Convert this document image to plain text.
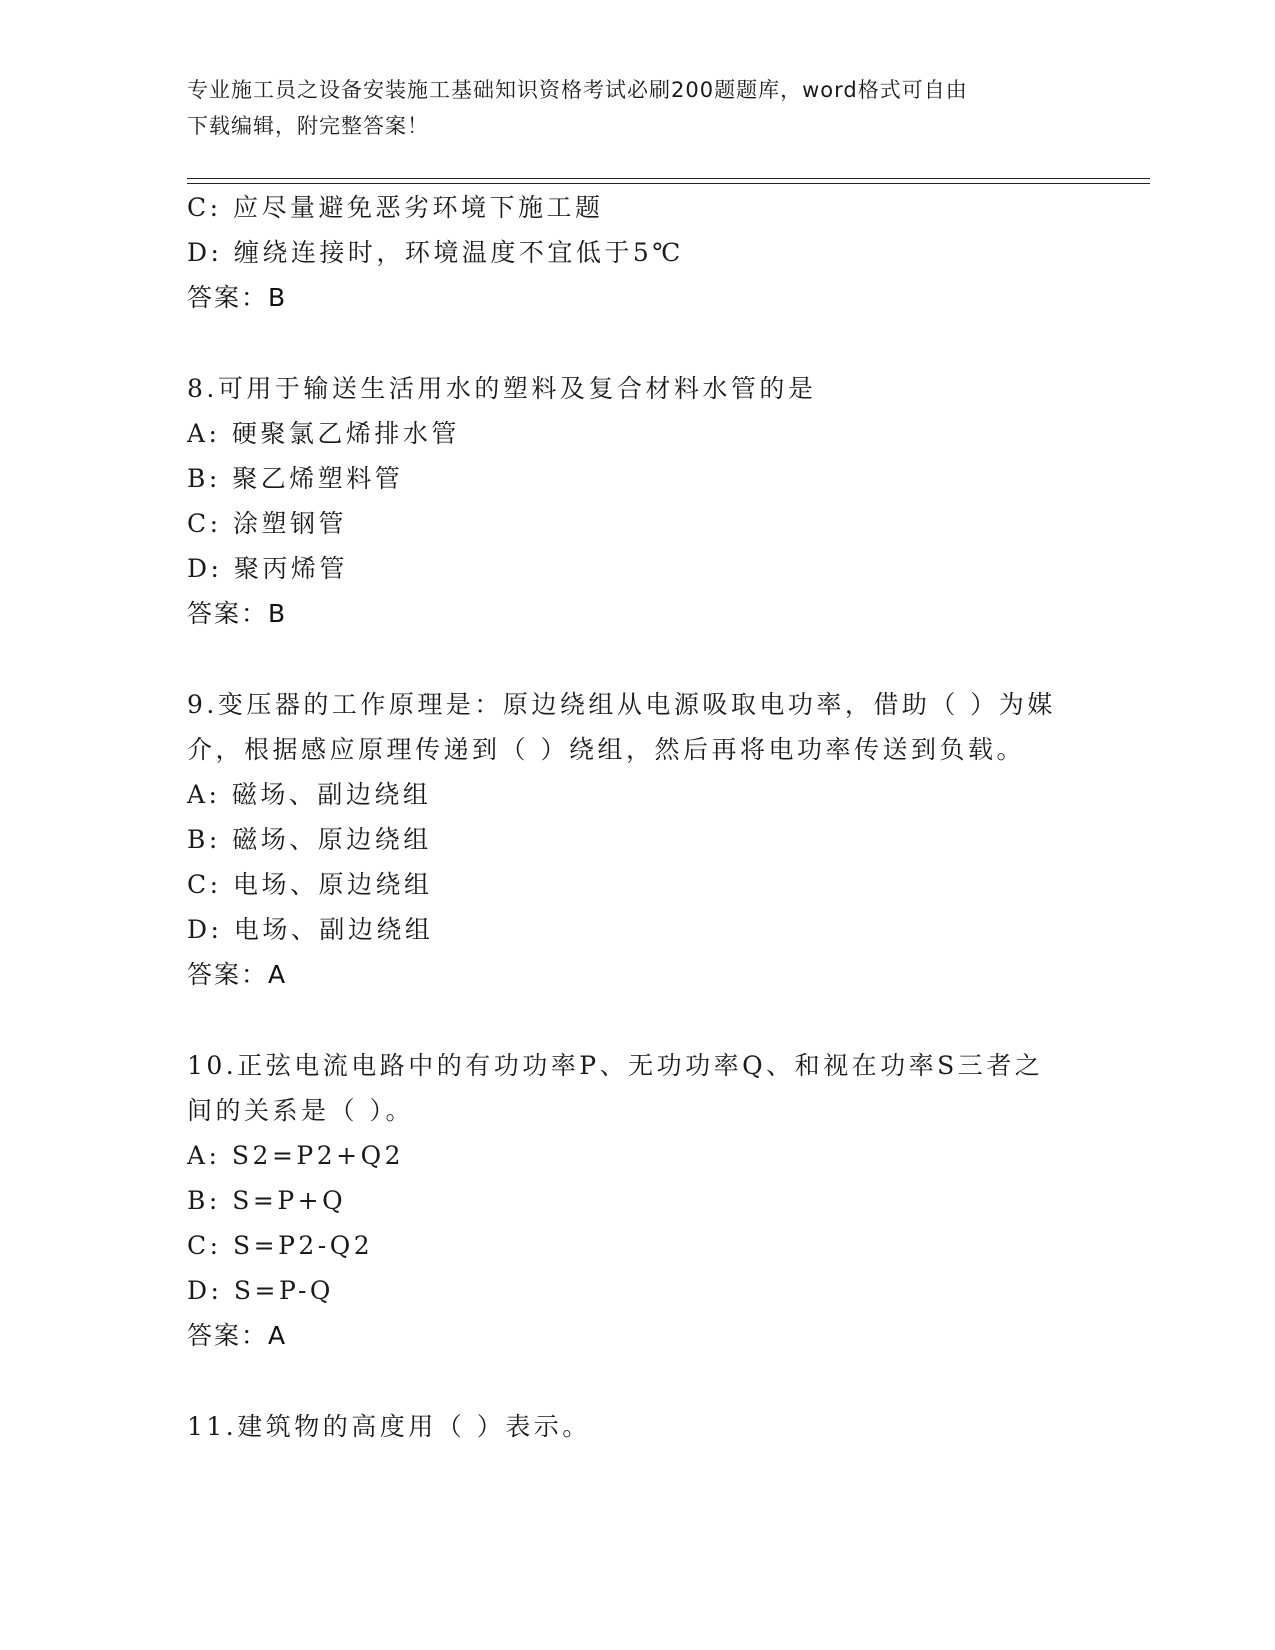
专业施工员之设备安装施工基础知识资格考试必刷200题题库，word格式可自由
下载编辑，附完整答案！
C: 应尽量避免恶劣环境下施工题
D: 缠绕连接时，环境温度不宜低于5℃
答案：B
8.可用于输送生活用水的塑料及复合材料水管的是
A: 硬聚氯乙烯排水管
B: 聚乙烯塑料管
C: 涂塑钢管
D: 聚丙烯管
答案：B
9.变压器的工作原理是：原边绕组从电源吸取电功率，借助（ ）为媒
介，根据感应原理传递到（ ）绕组，然后再将电功率传送到负载。
A: 磁场、副边绕组
B: 磁场、原边绕组
C: 电场、原边绕组
D: 电场、副边绕组
答案：A
10.正弦电流电路中的有功功率P、无功功率Q、和视在功率S三者之
间的关系是（ ）。
A: S2=P2+Q2
B: S=P+Q
C: S=P2-Q2
D: S=P-Q
答案：A
11.建筑物的高度用（ ）表示。
